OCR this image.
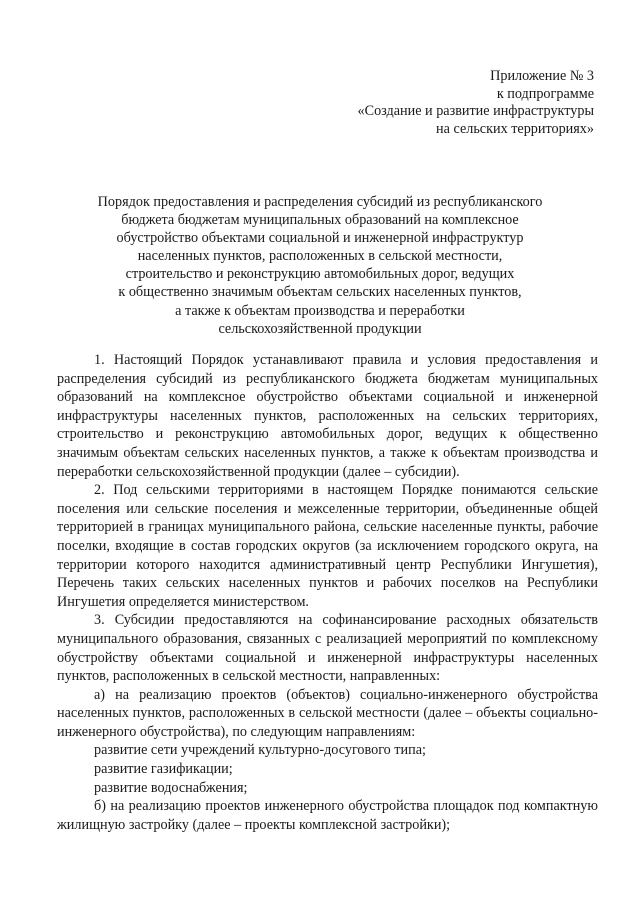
Приложение № 3
к подпрограмме
«Создание и развитие инфраструктуры
на сельских территориях»
Порядок предоставления и распределения субсидий из республиканского
бюджета бюджетам муниципальных образований на комплексное
обустройство объектами социальной и инженерной инфраструктур
населенных пунктов, расположенных в сельской местности,
строительство и реконструкцию автомобильных дорог, ведущих
к общественно значимым объектам сельских населенных пунктов,
а также к объектам производства и переработки
сельскохозяйственной продукции

1. Настоящий Порядок устанавливают правила и условия предоставления и распределения субсидий из республиканского бюджета бюджетам муниципальных образований на комплексное обустройство объектами социальной и инженерной инфраструктуры населенных пунктов, расположенных на сельских территориях, строительство и реконструкцию автомобильных дорог, ведущих к общественно значимым объектам сельских населенных пунктов, а также к объектам производства и переработки сельскохозяйственной продукции (далее – субсидии).

2. Под сельскими территориями в настоящем Порядке понимаются сельские поселения или сельские поселения и межселенные территории, объединенные общей территорией в границах муниципального района, сельские населенные пункты, рабочие поселки, входящие в состав городских округов (за исключением городского округа, на территории которого находится административный центр Республики Ингушетия), Перечень таких сельских населенных пунктов и рабочих поселков на Республики Ингушетия определяется министерством.

3. Субсидии предоставляются на софинансирование расходных обязательств муниципального образования, связанных с реализацией мероприятий по комплексному обустройству объектами социальной и инженерной инфраструктуры населенных пунктов, расположенных в сельской местности, направленных:

а) на реализацию проектов (объектов) социально-инженерного обустройства населенных пунктов, расположенных в сельской местности (далее – объекты социально-инженерного обустройства), по следующим направлениям:

развитие сети учреждений культурно-досугового типа;

развитие газификации;

развитие водоснабжения;

б) на реализацию проектов инженерного обустройства площадок под компактную жилищную застройку (далее – проекты комплексной застройки);
